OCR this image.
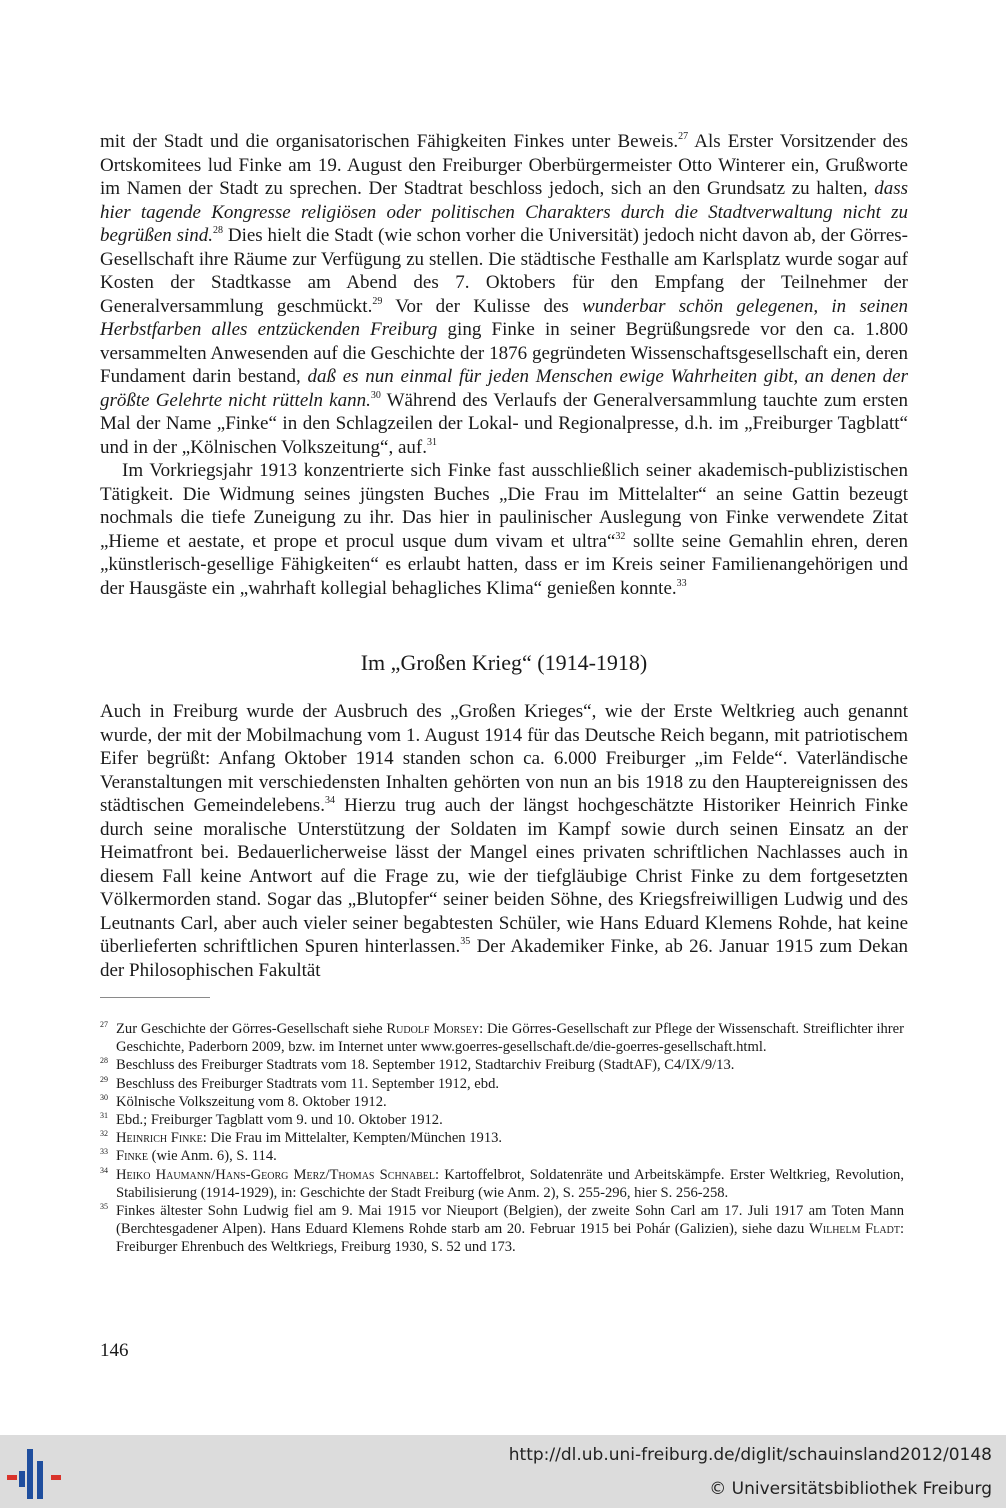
mit der Stadt und die organisatorischen Fähigkeiten Finkes unter Beweis.$^{27}$ Als Erster Vorsitzender des Ortskomitees lud Finke am 19. August den Freiburger Oberbürgermeister Otto Winterer ein, Grußworte im Namen der Stadt zu sprechen. Der Stadtrat beschloss jedoch, sich an den Grundsatz zu halten, dass hier tagende Kongresse religiösen oder politischen Charakters durch die Stadtverwaltung nicht zu begrüßen sind.$^{28}$ Dies hielt die Stadt (wie schon vorher die Universität) jedoch nicht davon ab, der Görres-Gesellschaft ihre Räume zur Verfügung zu stellen. Die städtische Festhalle am Karlsplatz wurde sogar auf Kosten der Stadtkasse am Abend des 7. Oktobers für den Empfang der Teilnehmer der Generalversammlung geschmückt.$^{29}$ Vor der Kulisse des wunderbar schön gelegenen, in seinen Herbstfarben alles entzückenden Freiburg ging Finke in seiner Begrüßungsrede vor den ca. 1.800 versammelten Anwesenden auf die Geschichte der 1876 gegründeten Wissenschaftsgesellschaft ein, deren Fundament darin bestand, daß es nun einmal für jeden Menschen ewige Wahrheiten gibt, an denen der größte Gelehrte nicht rütteln kann.$^{30}$ Während des Verlaufs der Generalversammlung tauchte zum ersten Mal der Name „Finke“ in den Schlagzeilen der Lokal- und Regionalpresse, d.h. im „Freiburger Tagblatt“ und in der „Kölnischen Volkszeitung“, auf.$^{31}$

Im Vorkriegsjahr 1913 konzentrierte sich Finke fast ausschließlich seiner akademisch-publizistischen Tätigkeit. Die Widmung seines jüngsten Buches „Die Frau im Mittelalter“ an seine Gattin bezeugt nochmals die tiefe Zuneigung zu ihr. Das hier in paulinischer Auslegung von Finke verwendete Zitat „Hieme et aestate, et prope et procul usque dum vivam et ultra“$^{32}$ sollte seine Gemahlin ehren, deren „künstlerisch-gesellige Fähigkeiten“ es erlaubt hatten, dass er im Kreis seiner Familienangehörigen und der Hausgäste ein „wahrhaft kollegial behagliches Klima“ genießen konnte.$^{33}$

Im „Großen Krieg“ (1914-1918)

Auch in Freiburg wurde der Ausbruch des „Großen Krieges“, wie der Erste Weltkrieg auch genannt wurde, der mit der Mobilmachung vom 1. August 1914 für das Deutsche Reich begann, mit patriotischem Eifer begrüßt: Anfang Oktober 1914 standen schon ca. 6.000 Freiburger „im Felde“. Vaterländische Veranstaltungen mit verschiedensten Inhalten gehörten von nun an bis 1918 zu den Hauptereignissen des städtischen Gemeindelebens.$^{34}$ Hierzu trug auch der längst hochgeschätzte Historiker Heinrich Finke durch seine moralische Unterstützung der Soldaten im Kampf sowie durch seinen Einsatz an der Heimatfront bei. Bedauerlicherweise lässt der Mangel eines privaten schriftlichen Nachlasses auch in diesem Fall keine Antwort auf die Frage zu, wie der tiefgläubige Christ Finke zu dem fortgesetzten Völkermorden stand. Sogar das „Blutopfer“ seiner beiden Söhne, des Kriegsfreiwilligen Ludwig und des Leutnants Carl, aber auch vieler seiner begabtesten Schüler, wie Hans Eduard Klemens Rohde, hat keine überlieferten schriftlichen Spuren hinterlassen.$^{35}$ Der Akademiker Finke, ab 26. Januar 1915 zum Dekan der Philosophischen Fakultät

$^{27}$ Zur Geschichte der Görres-Gesellschaft siehe Rudolf Morsey: Die Görres-Gesellschaft zur Pflege der Wissenschaft. Streiflichter ihrer Geschichte, Paderborn 2009, bzw. im Internet unter www.goerres-gesellschaft.de/die-goerres-gesellschaft.html.

$^{28}$ Beschluss des Freiburger Stadtrats vom 18. September 1912, Stadtarchiv Freiburg (StadtAF), C4/IX/9/13.

$^{29}$ Beschluss des Freiburger Stadtrats vom 11. September 1912, ebd.

$^{30}$ Kölnische Volkszeitung vom 8. Oktober 1912.

$^{31}$ Ebd.; Freiburger Tagblatt vom 9. und 10. Oktober 1912.

$^{32}$ Heinrich Finke: Die Frau im Mittelalter, Kempten/München 1913.

$^{33}$ Finke (wie Anm. 6), S. 114.

$^{34}$ Heiko Haumann/Hans-Georg Merz/Thomas Schnabel: Kartoffelbrot, Soldatenräte und Arbeitskämpfe. Erster Weltkrieg, Revolution, Stabilisierung (1914-1929), in: Geschichte der Stadt Freiburg (wie Anm. 2), S. 255-296, hier S. 256-258.

$^{35}$ Finkes ältester Sohn Ludwig fiel am 9. Mai 1915 vor Nieuport (Belgien), der zweite Sohn Carl am 17. Juli 1917 am Toten Mann (Berchtesgadener Alpen). Hans Eduard Klemens Rohde starb am 20. Februar 1915 bei Pohár (Galizien), siehe dazu Wilhelm Fladt: Freiburger Ehrenbuch des Weltkriegs, Freiburg 1930, S. 52 und 173.

146
http://dl.ub.uni-freiburg.de/diglit/schauinsland2012/0148
© Universitätsbibliothek Freiburg
